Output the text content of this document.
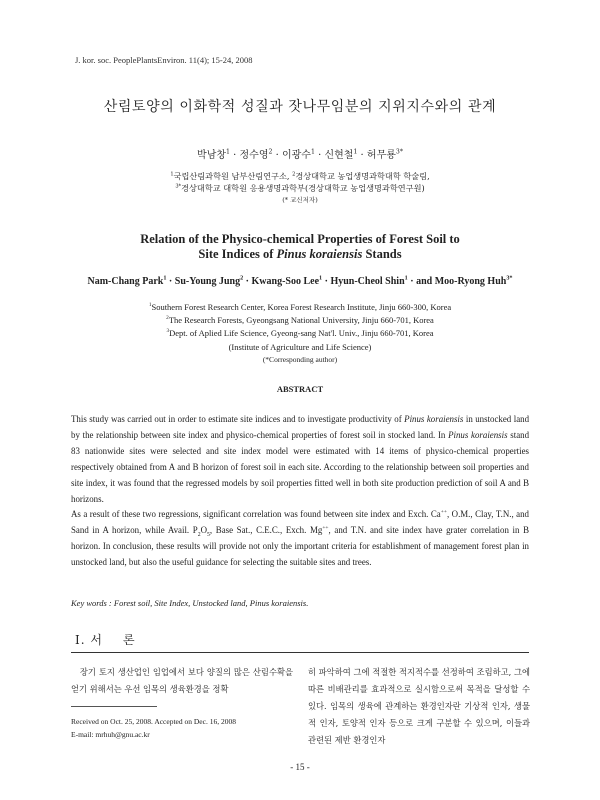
J. kor. soc. PeoplePlantsEnviron. 11(4); 15-24, 2008
산림토양의 이화학적 성질과 잣나무임분의 지위지수와의 관계
박남창$^1$ · 정수영$^2$ · 이광수$^1$ · 신현철$^1$ · 허무룡$^{3*}$
$^1$국립산림과학원 남부산림연구소, $^2$경상대학교 농업생명과학대학 학술림,
$^{3*}$경상대학교 대학원 응용생명과학부(경상대학교 농업생명과학연구원)
(* 교신저자)
Relation of the Physico-chemical Properties of Forest Soil to
Site Indices of Pinus koraiensis Stands
Nam-Chang Park$^1$ · Su-Young Jung$^2$ · Kwang-Soo Lee$^1$ · Hyun-Cheol Shin$^1$ · and Moo-Ryong Huh$^{3*}$
$^1$Southern Forest Research Center, Korea Forest Research Institute, Jinju 660-300, Korea
$^2$The Research Forests, Gyeongsang National University, Jinju 660-701, Korea
$^3$Dept. of Aplied Life Science, Gyeong-sang Nat'l. Univ., Jinju 660-701, Korea
(Institute of Agriculture and Life Science)
(*Corresponding author)
ABSTRACT

This study was carried out in order to estimate site indices and to investigate productivity of Pinus koraiensis in unstocked land by the relationship between site index and physico-chemical properties of forest soil in stocked land. In Pinus koraiensis stand 83 nationwide sites were selected and site index model were estimated with 14 items of physico-chemical properties respectively obtained from A and B horizon of forest soil in each site. According to the relationship between soil properties and site index, it was found that the regressed models by soil properties fitted well in both site production prediction of soil A and B horizons.

As a result of these two regressions, significant correlation was found between site index and Exch. Ca++, O.M., Clay, T.N., and Sand in A horizon, while Avail. $P_2O_5$, Base Sat., C.E.C., Exch. Mg++, and T.N. and site index have grater correlation in B horizon. In conclusion, these results will provide not only the important criteria for establishment of management forest plan in unstocked land, but also the useful guidance for selecting the suitable sites and trees.

Key words : Forest soil, Site Index, Unstocked land, Pinus koraiensis.
Ⅰ. 서 론

장기 토지 생산업인 임업에서 보다 양질의 많은 산림수확을 얻기 위해서는 우선 임목의 생육환경을 정확

히 파악하여 그에 적절한 적지적수를 선정하여 조림하고, 그에 따른 비배관리를 효과적으로 실시함으로써 목적을 달성할 수 있다. 임목의 생육에 관계하는 환경인자란 기상적 인자, 생물적 인자, 토양적 인자 등으로 크게 구분할 수 있으며, 이들과 관련된 제반 환경인자

Received on Oct. 25, 2008. Accepted on Dec. 16, 2008
E-mail: mrhuh@gnu.ac.kr
- 15 -
